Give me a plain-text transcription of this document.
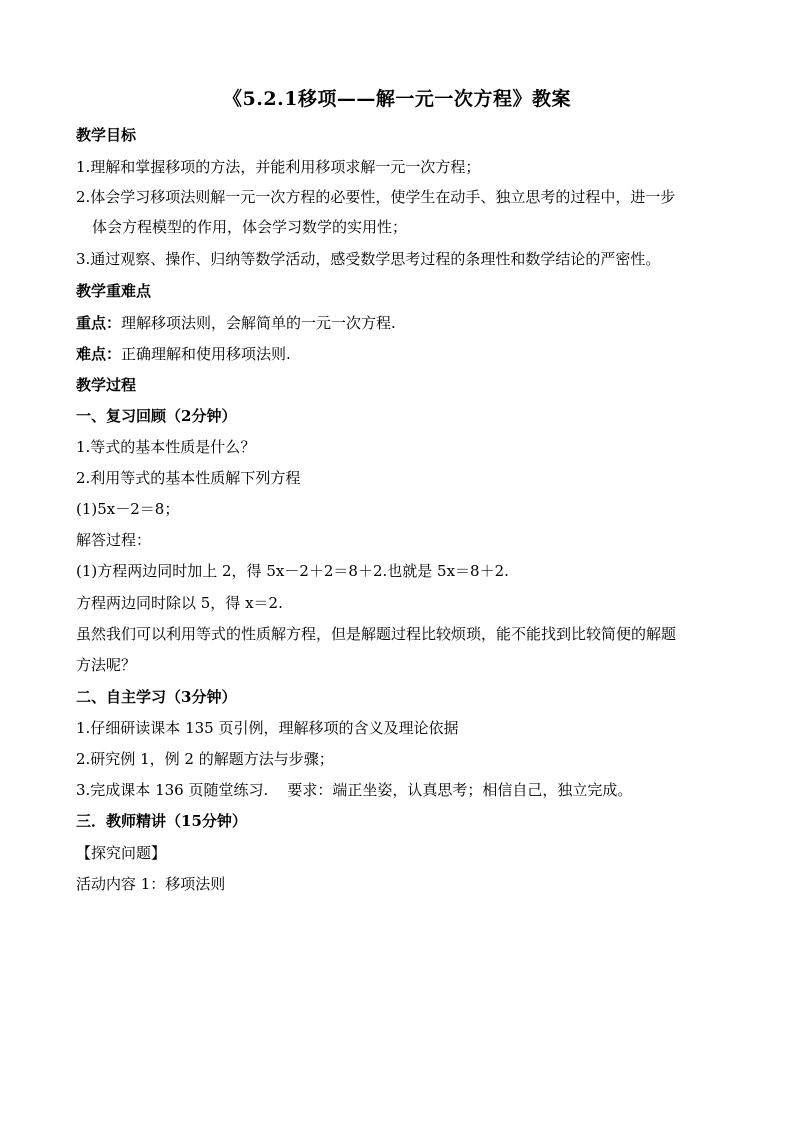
《5.2.1移项——解一元一次方程》教案
教学目标
1.理解和掌握移项的方法，并能利用移项求解一元一次方程；
2.体会学习移项法则解一元一次方程的必要性，使学生在动手、独立思考的过程中，进一步
体会方程模型的作用，体会学习数学的实用性；
3.通过观察、操作、归纳等数学活动，感受数学思考过程的条理性和数学结论的严密性。
教学重难点
重点：理解移项法则，会解简单的一元一次方程.
难点：正确理解和使用移项法则.
教学过程
一、复习回顾（2分钟）
1.等式的基本性质是什么？
2.利用等式的基本性质解下列方程
(1)5x－2＝8；
解答过程：
(1)方程两边同时加上 2，得 5x－2＋2＝8＋2.也就是 5x＝8＋2.
方程两边同时除以 5，得 x＝2.
虽然我们可以利用等式的性质解方程，但是解题过程比较烦琐，能不能找到比较简便的解题
方法呢？
二、自主学习（3分钟）
1.仔细研读课本 135 页引例，理解移项的含义及理论依据
2.研究例 1，例 2 的解题方法与步骤；
3.完成课本 136 页随堂练习.    要求：端正坐姿，认真思考；相信自己，独立完成。
三．教师精讲（15分钟）
【探究问题】
活动内容 1：移项法则
